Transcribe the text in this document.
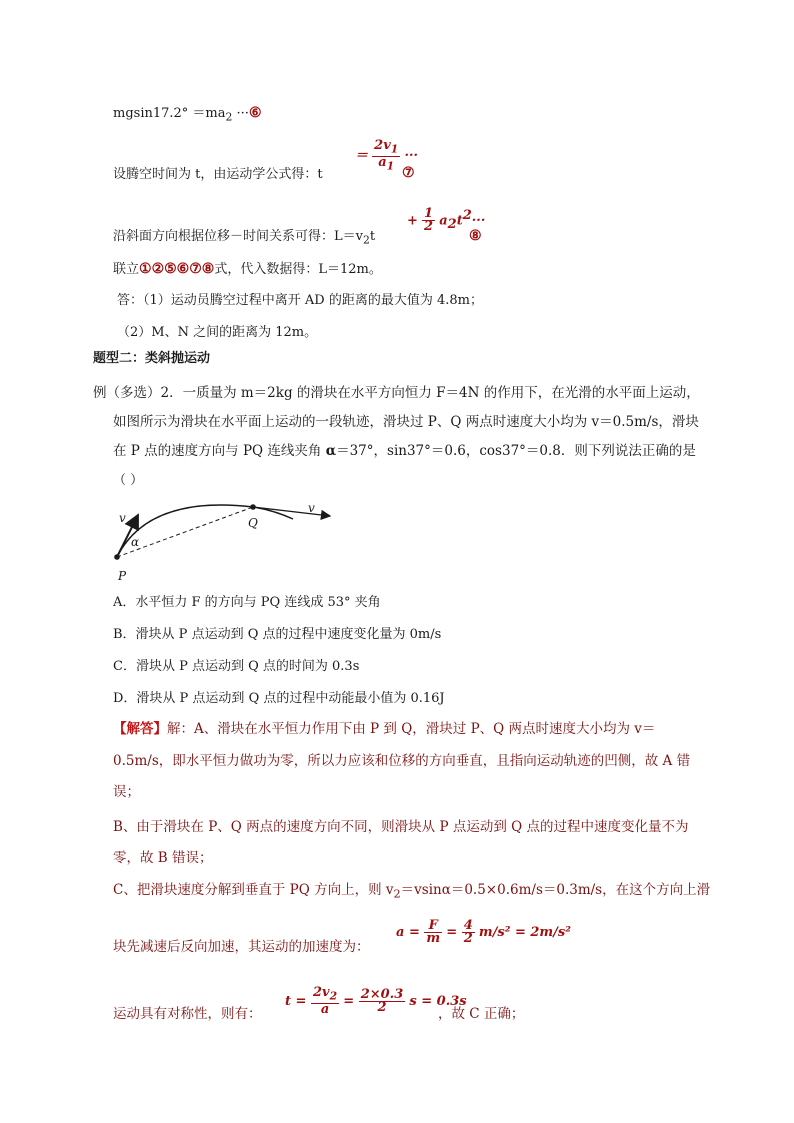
$mgsin17.2^\circ =ma_2$ ···⑥
设腾空时间为 t，由运动学公式得：t
＝ $\frac{2v_1}{a_1}$ ···
⑦
沿斜面方向根据位移－时间关系可得：$L=v_2t$
+ $\frac{1}{2} a_2t^2\cdot\cdot\cdot$
⑧
联立①②⑤⑥⑦⑧式，代入数据得：L＝12m。
答：（1）运动员腾空过程中离开 AD 的距离的最大值为 4.8m；
（2）M、N 之间的距离为 12m。
题型二：类斜抛运动
例（多选）2．一质量为 m＝2kg 的滑块在水平方向恒力 F＝4N 的作用下，在光滑的水平面上运动，
如图所示为滑块在水平面上运动的一段轨迹，滑块过 P、Q 两点时速度大小均为 v＝0.5m/s，滑块
在 P 点的速度方向与 PQ 连线夹角 α＝37°，sin37°＝0.6，cos37°＝0.8．则下列说法正确的是
（ ）
v
v
α
P
Q
A．水平恒力 F 的方向与 PQ 连线成 53° 夹角
B．滑块从 P 点运动到 Q 点的过程中速度变化量为 0m/s
C．滑块从 P 点运动到 Q 点的时间为 0.3s
D．滑块从 P 点运动到 Q 点的过程中动能最小值为 0.16J
【解答】解：A、滑块在水平恒力作用下由 P 到 Q，滑块过 P、Q 两点时速度大小均为 v＝
0.5m/s，即水平恒力做功为零，所以力应该和位移的方向垂直，且指向运动轨迹的凹侧，故 A 错
误；
B、由于滑块在 P、Q 两点的速度方向不同，则滑块从 P 点运动到 Q 点的过程中速度变化量不为
零，故 B 错误；
C、把滑块速度分解到垂直于 PQ 方向上，则 $v_2=vsin\alpha=0.5\times 0.6m/s=0.3m/s$，在这个方向上滑
块先减速后反向加速，其运动的加速度为：
$a = \frac{F}{m} = \frac{4}{2} m/s^2 = 2m/s^2$
运动具有对称性，则有：
$t = \frac{2v_2}{a} = \frac{2\times 0.3}{2}$ s = 0.3s
，故 C 正确；
